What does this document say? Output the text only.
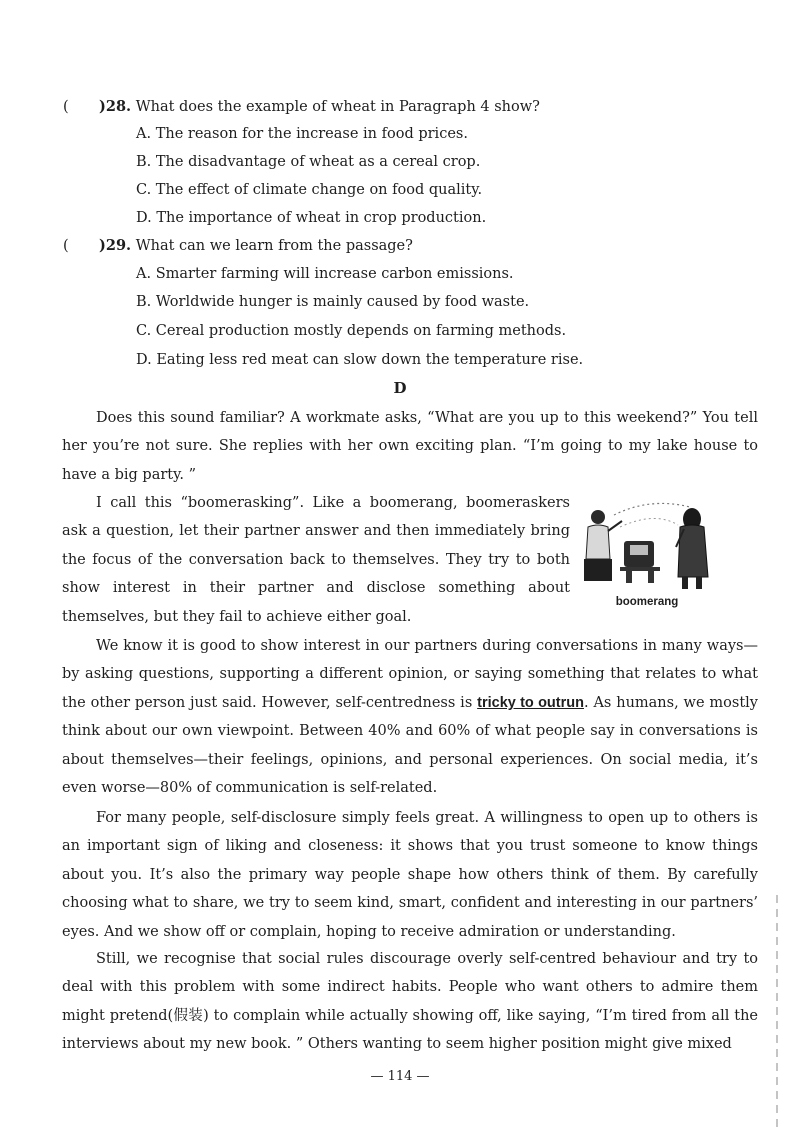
( )28. What does the example of wheat in Paragraph 4 show?
A. The reason for the increase in food prices.
B. The disadvantage of wheat as a cereal crop.
C. The effect of climate change on food quality.
D. The importance of wheat in crop production.
( )29. What can we learn from the passage?
A. Smarter farming will increase carbon emissions.
B. Worldwide hunger is mainly caused by food waste.
C. Cereal production mostly depends on farming methods.
D. Eating less red meat can slow down the temperature rise.
D
Does this sound familiar? A workmate asks, “What are you up to this weekend?” You tell her you’re not sure. She replies with her own exciting plan. “I’m going to my lake house to have a big party. ”
I call this “boomerasking”. Like a boomerang, boomeraskers ask a question, let their partner answer and then immediately bring the focus of the conversation back to themselves. They try to both show interest in their partner and disclose something about themselves, but they fail to achieve either goal.
boomerang
We know it is good to show interest in our partners during conversations in many ways—by asking questions, supporting a different opinion, or saying something that relates to what the other person just said. However, self-centredness is tricky to outrun. As humans, we mostly think about our own viewpoint. Between 40% and 60% of what people say in conversations is about themselves—their feelings, opinions, and personal experiences. On social media, it’s even worse—80% of communication is self-related.
For many people, self-disclosure simply feels great. A willingness to open up to others is an important sign of liking and closeness: it shows that you trust someone to know things about you. It’s also the primary way people shape how others think of them. By carefully choosing what to share, we try to seem kind, smart, confident and interesting in our partners’ eyes. And we show off or complain, hoping to receive admiration or understanding.
Still, we recognise that social rules discourage overly self-centred behaviour and try to deal with this problem with some indirect habits. People who want others to admire them might pretend(假装) to complain while actually showing off, like saying, “I’m tired from all the interviews about my new book. ” Others wanting to seem higher position might give mixed
— 114 —
